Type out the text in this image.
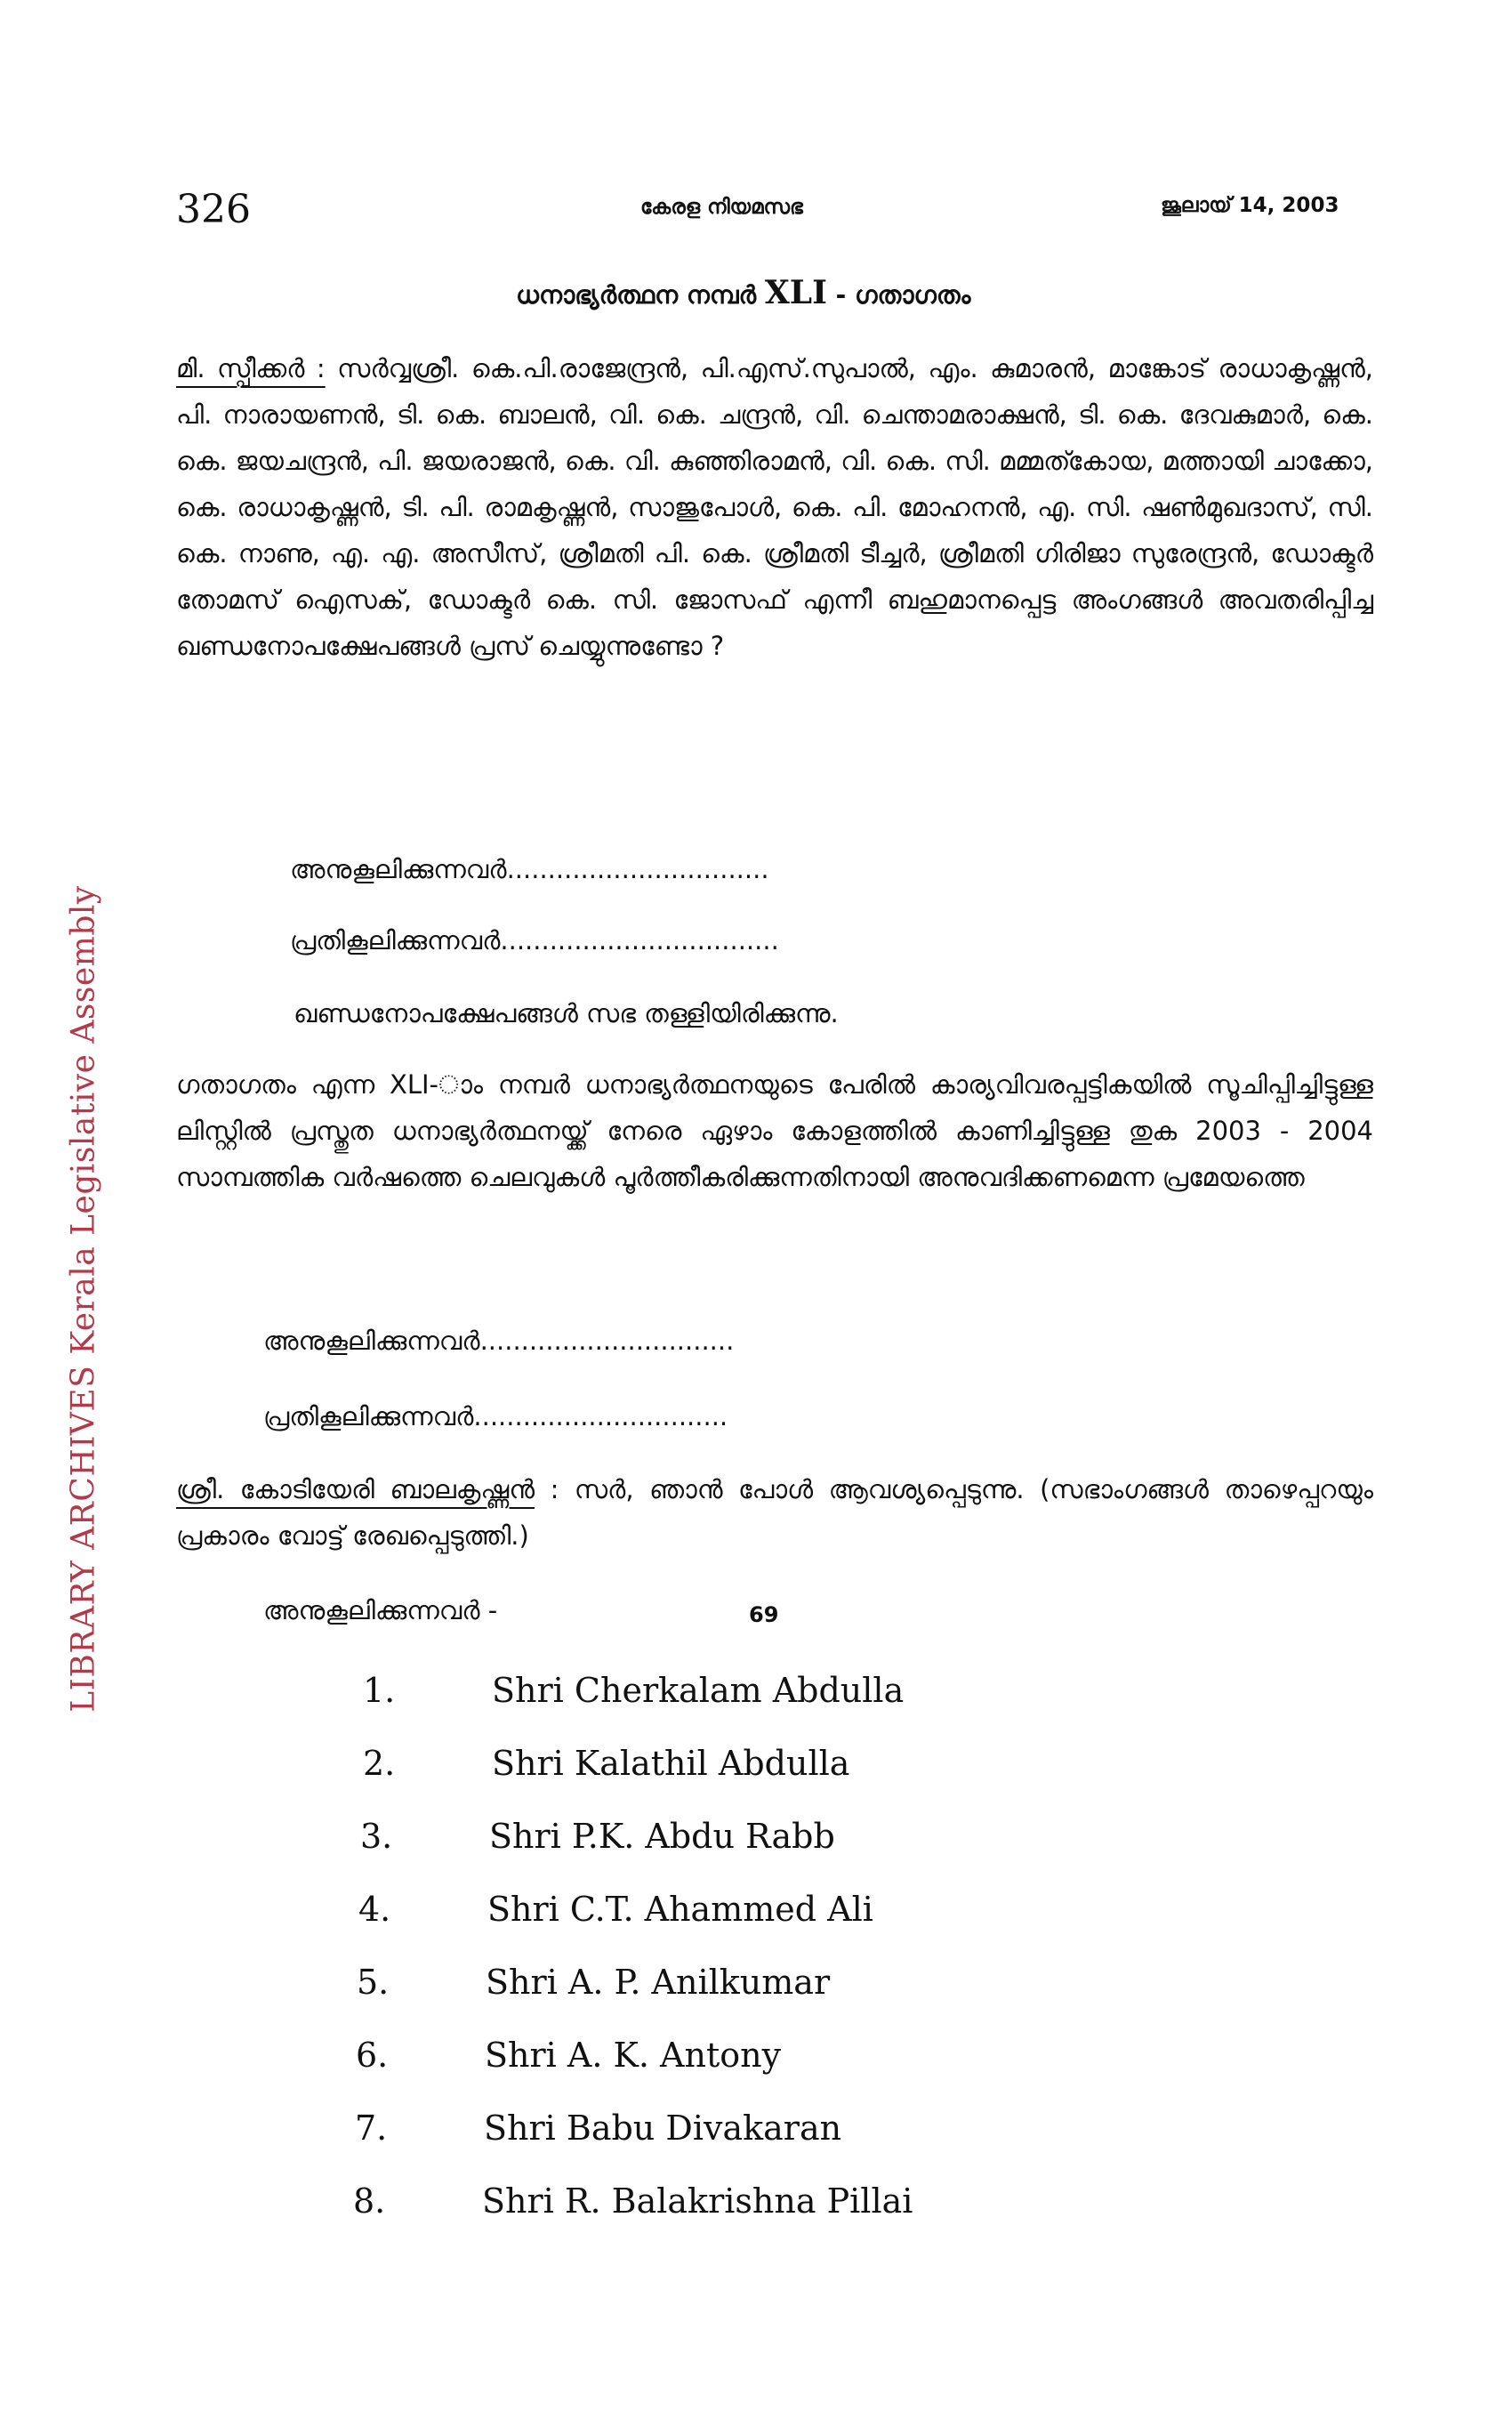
LIBRARY ARCHIVES Kerala Legislative Assembly
326	കേരള നിയമസഭ	ജൂലായ് 14, 2003
ധനാഭ്യർത്ഥന നമ്പർ XLI - ഗതാഗതം
മി. സ്പീക്കർ : സർവ്വശ്രീ. കെ.പി.രാജേന്ദ്രൻ, പി.എസ്.സുപാൽ, എം. കുമാരൻ, മാങ്കോട് രാധാകൃഷ്ണൻ, പി. നാരായണൻ, ടി. കെ. ബാലൻ, വി. കെ. ചന്ദ്രൻ, വി. ചെന്താമരാക്ഷൻ, ടി. കെ. ദേവകുമാർ, കെ. കെ. ജയചന്ദ്രൻ, പി. ജയരാജൻ, കെ. വി. കുഞ്ഞിരാമൻ, വി. കെ. സി. മമ്മത്കോയ, മത്തായി ചാക്കോ, കെ. രാധാകൃഷ്ണൻ, ടി. പി. രാമകൃഷ്ണൻ, സാജുപോൾ, കെ. പി. മോഹനൻ, എ. സി. ഷൺമുഖദാസ്, സി. കെ. നാണു, എ. എ. അസീസ്, ശ്രീമതി പി. കെ. ശ്രീമതി ടീച്ചർ, ശ്രീമതി ഗിരിജാ സുരേന്ദ്രൻ, ഡോക്ടർ തോമസ് ഐസക്, ഡോക്ടർ കെ. സി. ജോസഫ് എന്നീ ബഹുമാനപ്പെട്ട അംഗങ്ങൾ അവതരിപ്പിച്ച ഖണ്ഡനോപക്ഷേപങ്ങൾ പ്രസ് ചെയ്യുന്നുണ്ടോ ?
അനുകൂലിക്കുന്നവർ................................
പ്രതികൂലിക്കുന്നവർ..................................
ഖണ്ഡനോപക്ഷേപങ്ങൾ സഭ തള്ളിയിരിക്കുന്നു.
ഗതാഗതം എന്ന XLI-ാം നമ്പർ ധനാഭ്യർത്ഥനയുടെ പേരിൽ കാര്യവിവരപ്പട്ടികയിൽ സൂചിപ്പിച്ചിട്ടുള്ള ലിസ്റ്റിൽ പ്രസ്തുത ധനാഭ്യർത്ഥനയ്ക്ക് നേരെ ഏഴാം കോളത്തിൽ കാണിച്ചിട്ടുള്ള തുക 2003 - 2004 സാമ്പത്തിക വർഷത്തെ ചെലവുകൾ പൂർത്തീകരിക്കുന്നതിനായി അനുവദിക്കണമെന്ന പ്രമേയത്തെ
അനുകൂലിക്കുന്നവർ...............................
പ്രതികൂലിക്കുന്നവർ...............................
ശ്രീ. കോടിയേരി ബാലകൃഷ്ണൻ : സർ, ഞാൻ പോൾ ആവശ്യപ്പെടുന്നു. (സഭാംഗങ്ങൾ താഴെപ്പറയും പ്രകാരം വോട്ട് രേഖപ്പെടുത്തി.)
അനുകൂലിക്കുന്നവർ -	69
1.	Shri Cherkalam Abdulla
2.	Shri Kalathil Abdulla
3.	Shri P.K. Abdu Rabb
4.	Shri C.T. Ahammed Ali
5.	Shri A. P. Anilkumar
6.	Shri A. K. Antony
7.	Shri Babu Divakaran
8.	Shri R. Balakrishna Pillai
